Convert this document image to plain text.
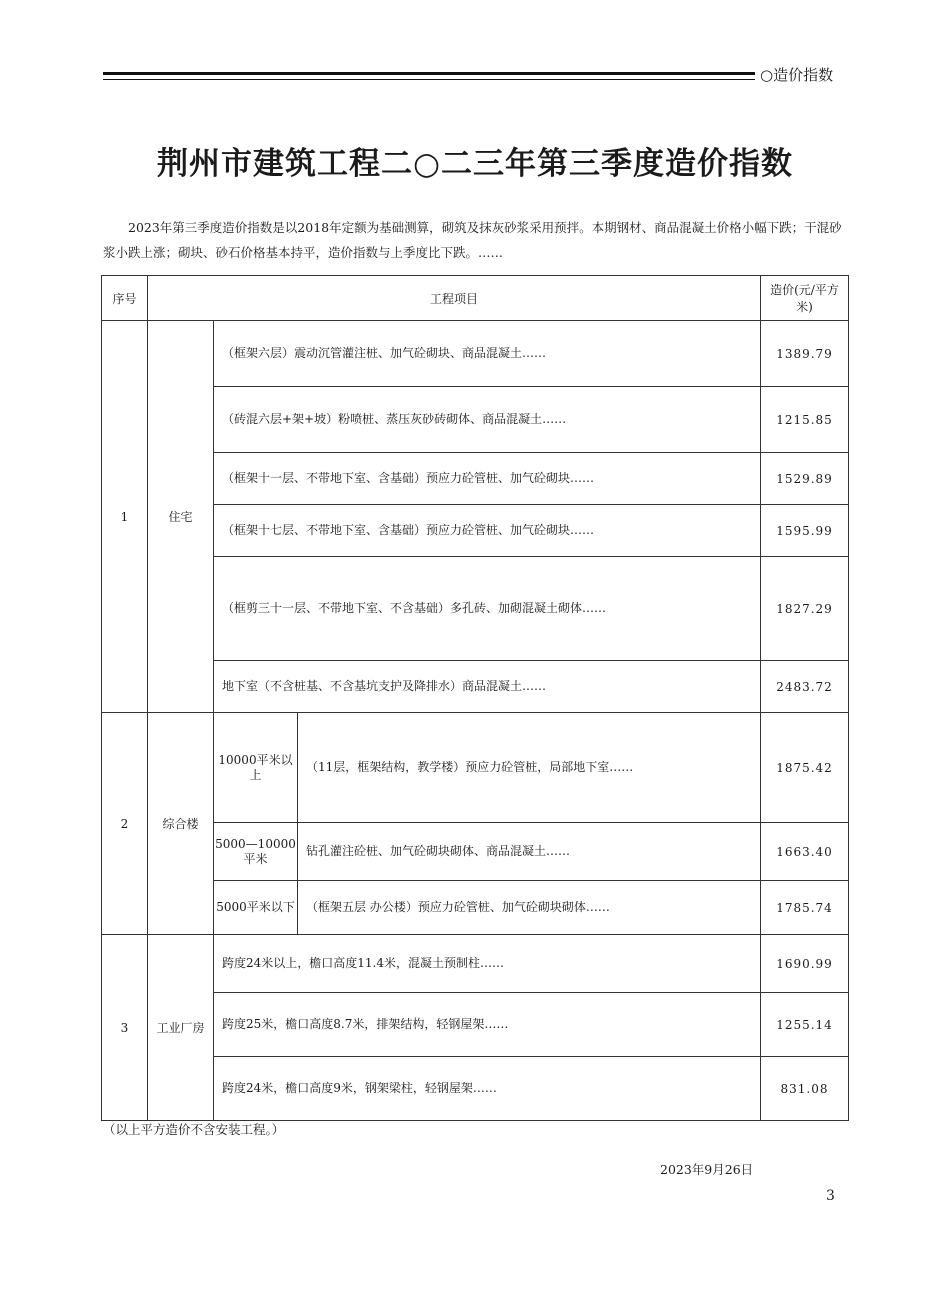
○造价指数
荆州市建筑工程二○二三年第三季度造价指数
2023年第三季度造价指数是以2018年定额为基础测算，砌筑及抹灰砂浆采用预拌。本期钢材、商品混凝土价格小幅下跌；干混砂浆小跌上涨；砌块、砂石价格基本持平，造价指数与上季度比下跌。……
序号	工程项目			造价(元/平方米)
1	住宅	（框架六层）震动沉管灌注桩、加气砼砌块、商品混凝土……		1389.79
		（砖混六层+架+坡）粉喷桩、蒸压灰砂砖砌体、商品混凝土……		1215.85
		（框架十一层、不带地下室、含基础）预应力砼管桩、加气砼砌块……		1529.89
		（框架十七层、不带地下室、含基础）预应力砼管桩、加气砼砌块……		1595.99
		（框剪三十一层、不带地下室、不含基础）多孔砖、加砌混凝土砌体……		1827.29
		地下室（不含桩基、不含基坑支护及降排水）商品混凝土……		2483.72
2	综合楼	10000平米以上	（11层，框架结构，教学楼）预应力砼管桩，局部地下室……	1875.42
		5000—10000平米	钻孔灌注砼桩、加气砼砌块砌体、商品混凝土……	1663.40
		5000平米以下	（框架五层 办公楼）预应力砼管桩、加气砼砌块砌体……	1785.74
3	工业厂房	跨度24米以上，檐口高度11.4米，混凝土预制柱……		1690.99
		跨度25米，檐口高度8.7米，排架结构，轻钢屋架……		1255.14
		跨度24米，檐口高度9米，钢架梁柱，轻钢屋架……		831.08
（以上平方造价不含安装工程。）
2023年9月26日
3
